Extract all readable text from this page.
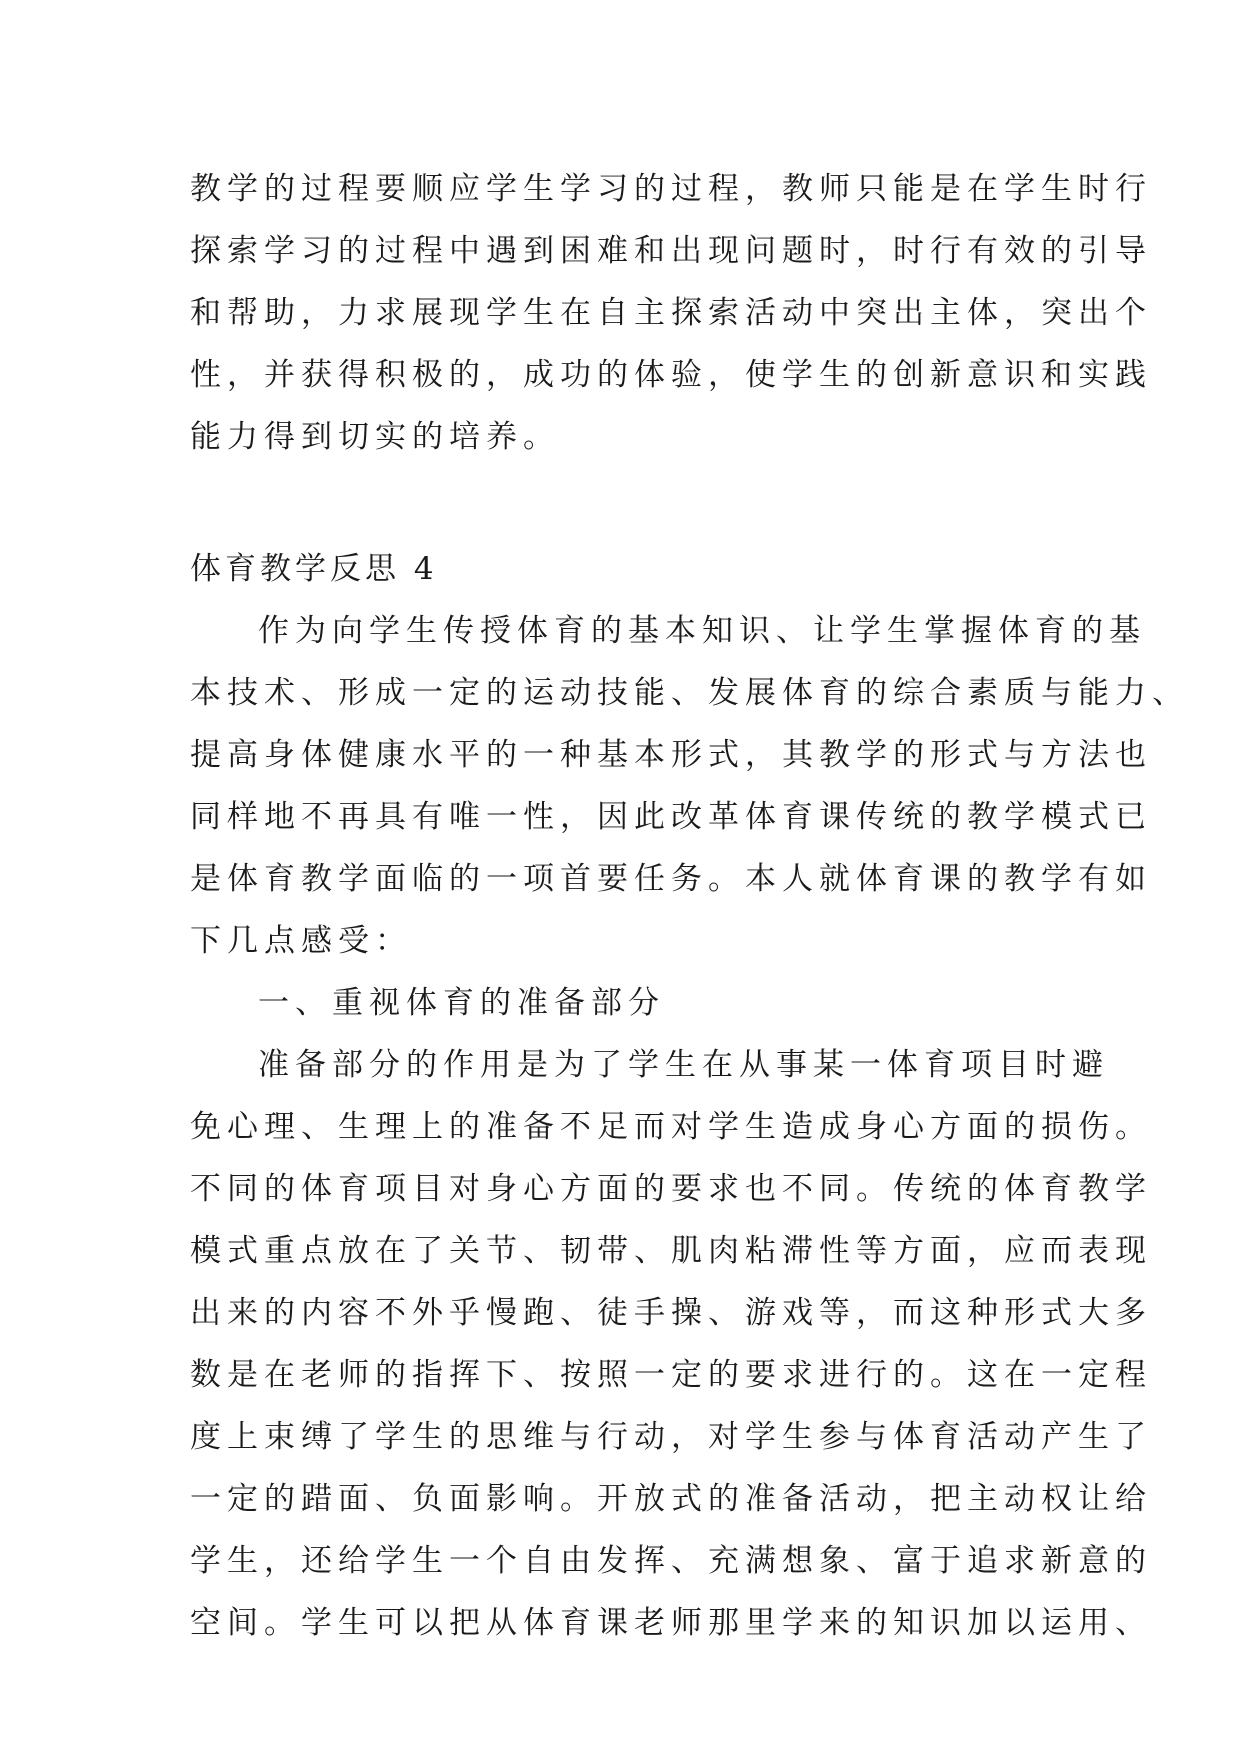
教学的过程要顺应学生学习的过程，教师只能是在学生时行
探索学习的过程中遇到困难和出现问题时，时行有效的引导
和帮助，力求展现学生在自主探索活动中突出主体，突出个
性，并获得积极的，成功的体验，使学生的创新意识和实践
能力得到切实的培养。
体育教学反思 4
作为向学生传授体育的基本知识、让学生掌握体育的基
本技术、形成一定的运动技能、发展体育的综合素质与能力、
提高身体健康水平的一种基本形式，其教学的形式与方法也
同样地不再具有唯一性，因此改革体育课传统的教学模式已
是体育教学面临的一项首要任务。本人就体育课的教学有如
下几点感受：
一、重视体育的准备部分
准备部分的作用是为了学生在从事某一体育项目时避
免心理、生理上的准备不足而对学生造成身心方面的损伤。
不同的体育项目对身心方面的要求也不同。传统的体育教学
模式重点放在了关节、韧带、肌肉粘滞性等方面，应而表现
出来的内容不外乎慢跑、徒手操、游戏等，而这种形式大多
数是在老师的指挥下、按照一定的要求进行的。这在一定程
度上束缚了学生的思维与行动，对学生参与体育活动产生了
一定的踖面、负面影响。开放式的准备活动，把主动权让给
学生，还给学生一个自由发挥、充满想象、富于追求新意的
空间。学生可以把从体育课老师那里学来的知识加以运用、
